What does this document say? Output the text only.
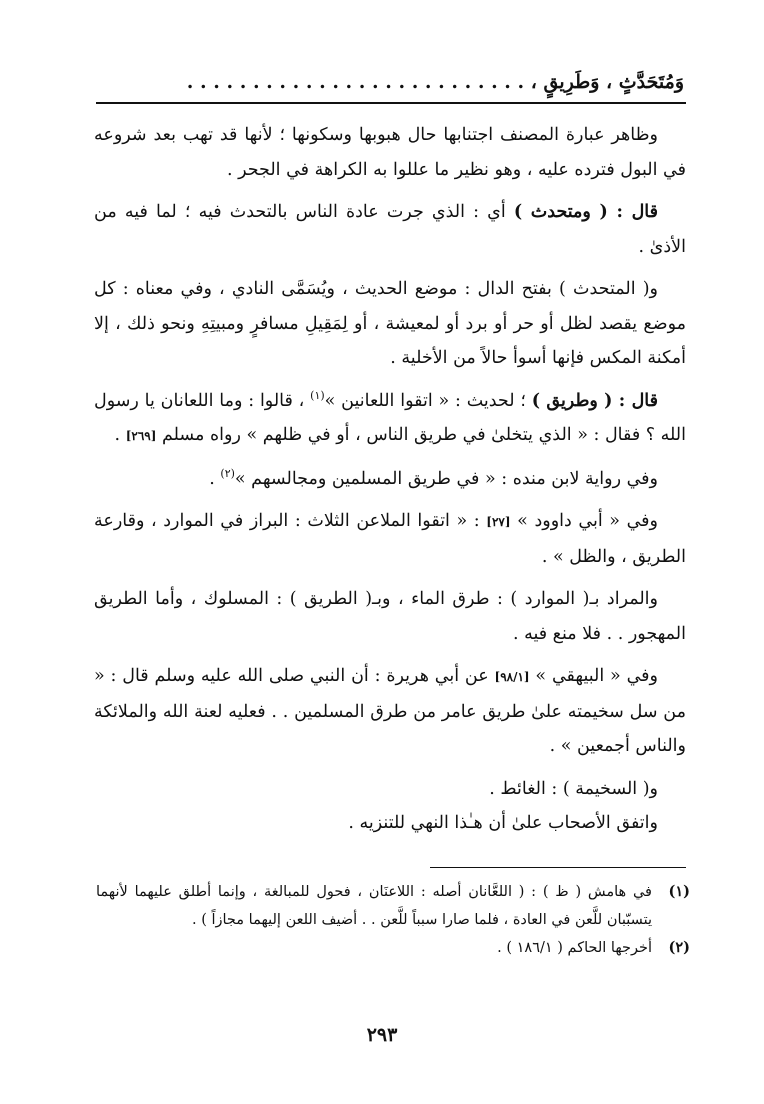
وَمُتَحَدَّثٍ ، وَطَرِيقٍ ، . . . . . . . . . . . . . . . . . . . . . . . . . .

وظاهر عبارة المصنف اجتنابها حال هبوبها وسكونها ؛ لأنها قد تهب بعد شروعه في البول فترده عليه ، وهو نظير ما عللوا به الكراهة في الجحر .

قال : ( ومتحدث ) أي : الذي جرت عادة الناس بالتحدث فيه ؛ لما فيه من الأذىٰ .

و( المتحدث ) بفتح الدال : موضع الحديث ، ويُسَمَّى النادي ، وفي معناه : كل موضع يقصد لظل أو حر أو برد أو لمعيشة ، أو لِمَقِيلِ مسافرٍ ومبيتِهِ ونحو ذلك ، إلا أمكنة المكس فإنها أسوأ حالاً من الأخلية .

قال : ( وطريق ) ؛ لحديث : « اتقوا اللعانين »$^{(١)}$ ، قالوا : وما اللعانان يا رسول الله ؟ فقال : « الذي يتخلىٰ في طريق الناس ، أو في ظلهم » رواه مسلم [٢٦٩] .

وفي رواية لابن منده : « في طريق المسلمين ومجالسهم »$^{(٢)}$ .

وفي « أبي داوود » [٢٧] : « اتقوا الملاعن الثلاث : البراز في الموارد ، وقارعة الطريق ، والظل » .

والمراد بـ( الموارد ) : طرق الماء ، وبـ( الطريق ) : المسلوك ، وأما الطريق المهجور . . فلا منع فيه .

وفي « البيهقي » [٩٨/١] عن أبي هريرة : أن النبي صلى الله عليه وسلم قال : « من سل سخيمته علىٰ طريق عامر من طرق المسلمين . . فعليه لعنة الله والملائكة والناس أجمعين » .

و( السخيمة ) : الغائط .

واتفق الأصحاب علىٰ أن هـٰذا النهي للتنزيه .

(١)
في هامش ( ظ ) : ( اللعَّانان أصله : اللاعنَان ، فحول للمبالغة ، وإنما أطلق عليهما لأنهما يتسبّبان للَّعن في العادة ، فلما صارا سبباً للَّعن . . أضيف اللعن إليهما مجازاً ) .
(٢)
أخرجها الحاكم ( ١٨٦/١ ) .
٢٩٣
